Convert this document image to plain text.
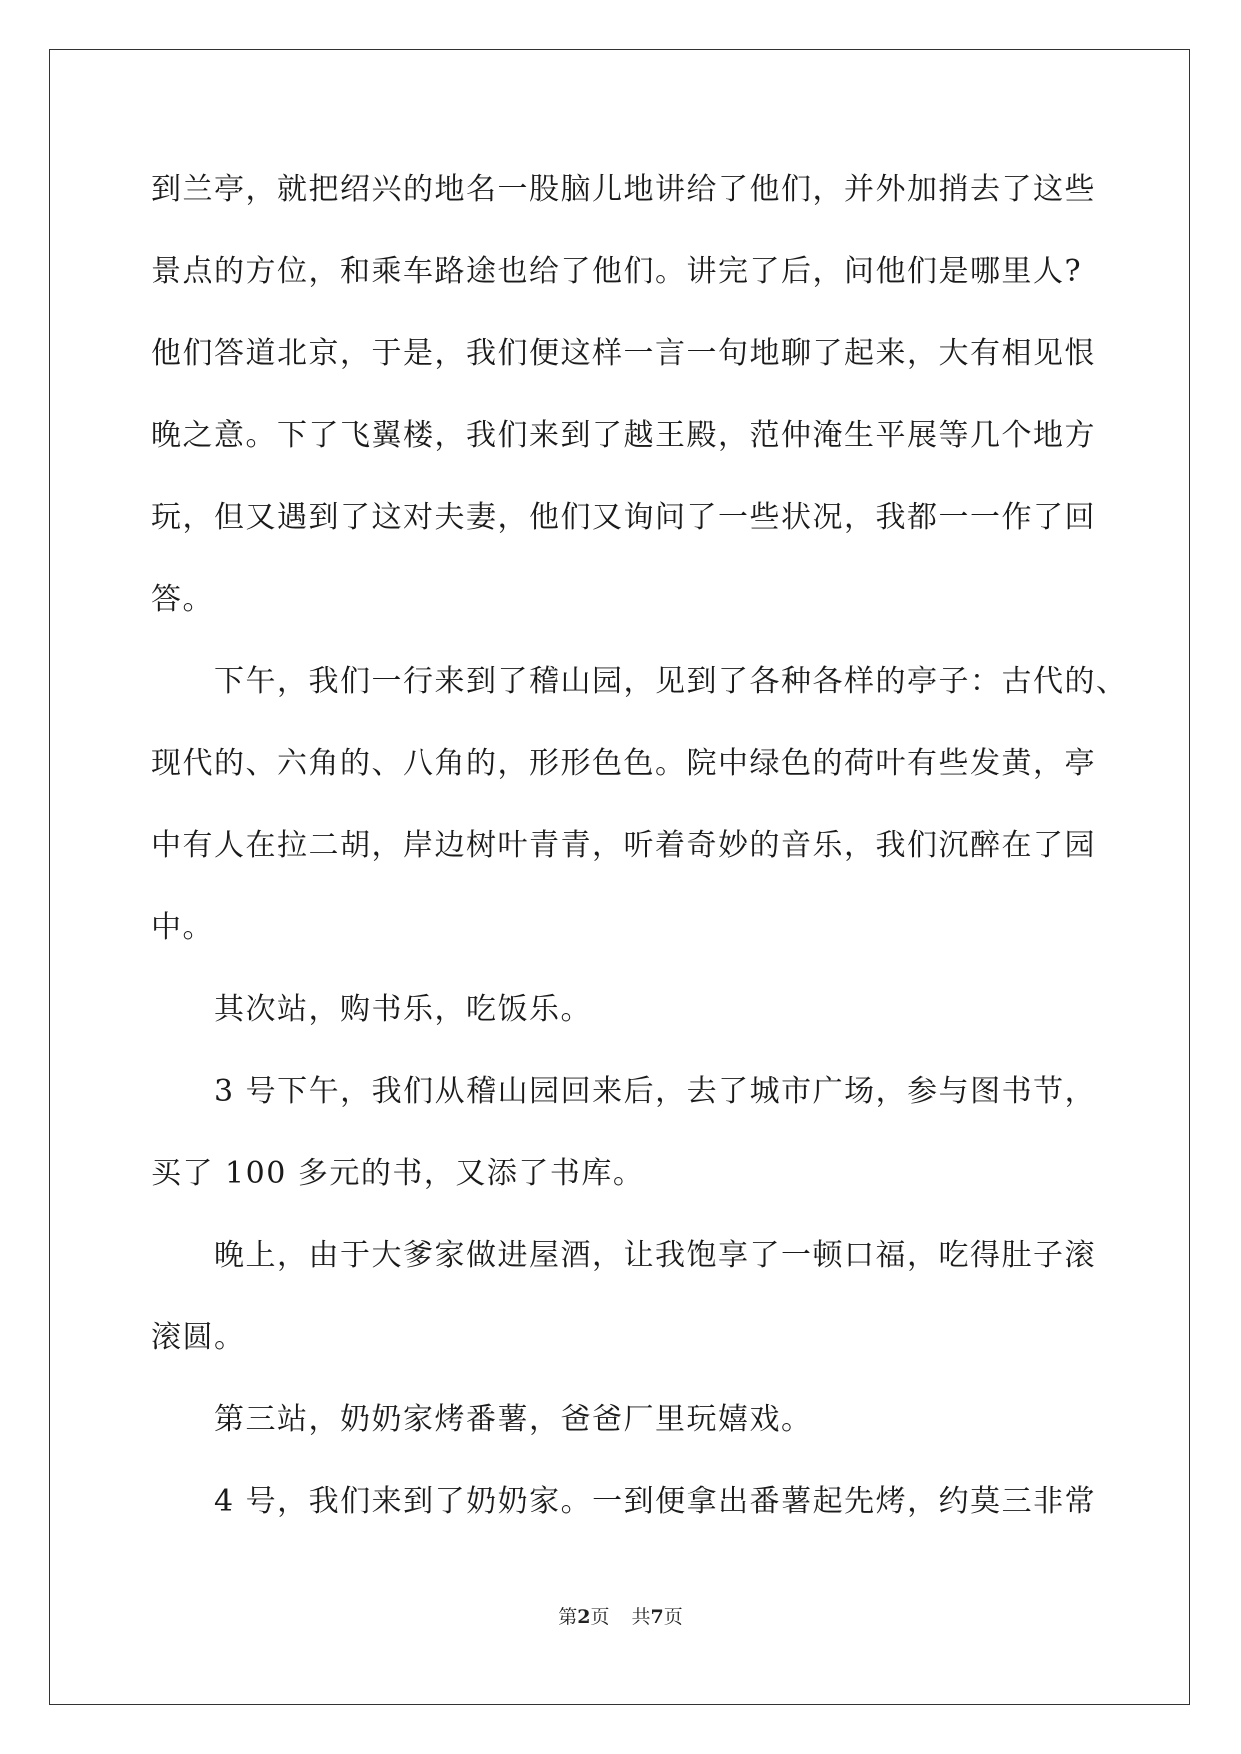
到兰亭，就把绍兴的地名一股脑儿地讲给了他们，并外加捎去了这些
景点的方位，和乘车路途也给了他们。讲完了后，问他们是哪里人?
他们答道北京，于是，我们便这样一言一句地聊了起来，大有相见恨
晚之意。下了飞翼楼，我们来到了越王殿，范仲淹生平展等几个地方
玩，但又遇到了这对夫妻，他们又询问了一些状况，我都一一作了回
答。
下午，我们一行来到了稽山园，见到了各种各样的亭子：古代的、
现代的、六角的、八角的，形形色色。院中绿色的荷叶有些发黄，亭
中有人在拉二胡，岸边树叶青青，听着奇妙的音乐，我们沉醉在了园
中。
其次站，购书乐，吃饭乐。
3 号下午，我们从稽山园回来后，去了城市广场，参与图书节，
买了 100 多元的书，又添了书库。
晚上，由于大爹家做进屋酒，让我饱享了一顿口福，吃得肚子滚
滚圆。
第三站，奶奶家烤番薯，爸爸厂里玩嬉戏。
4 号，我们来到了奶奶家。一到便拿出番薯起先烤，约莫三非常
第2页 共7页
